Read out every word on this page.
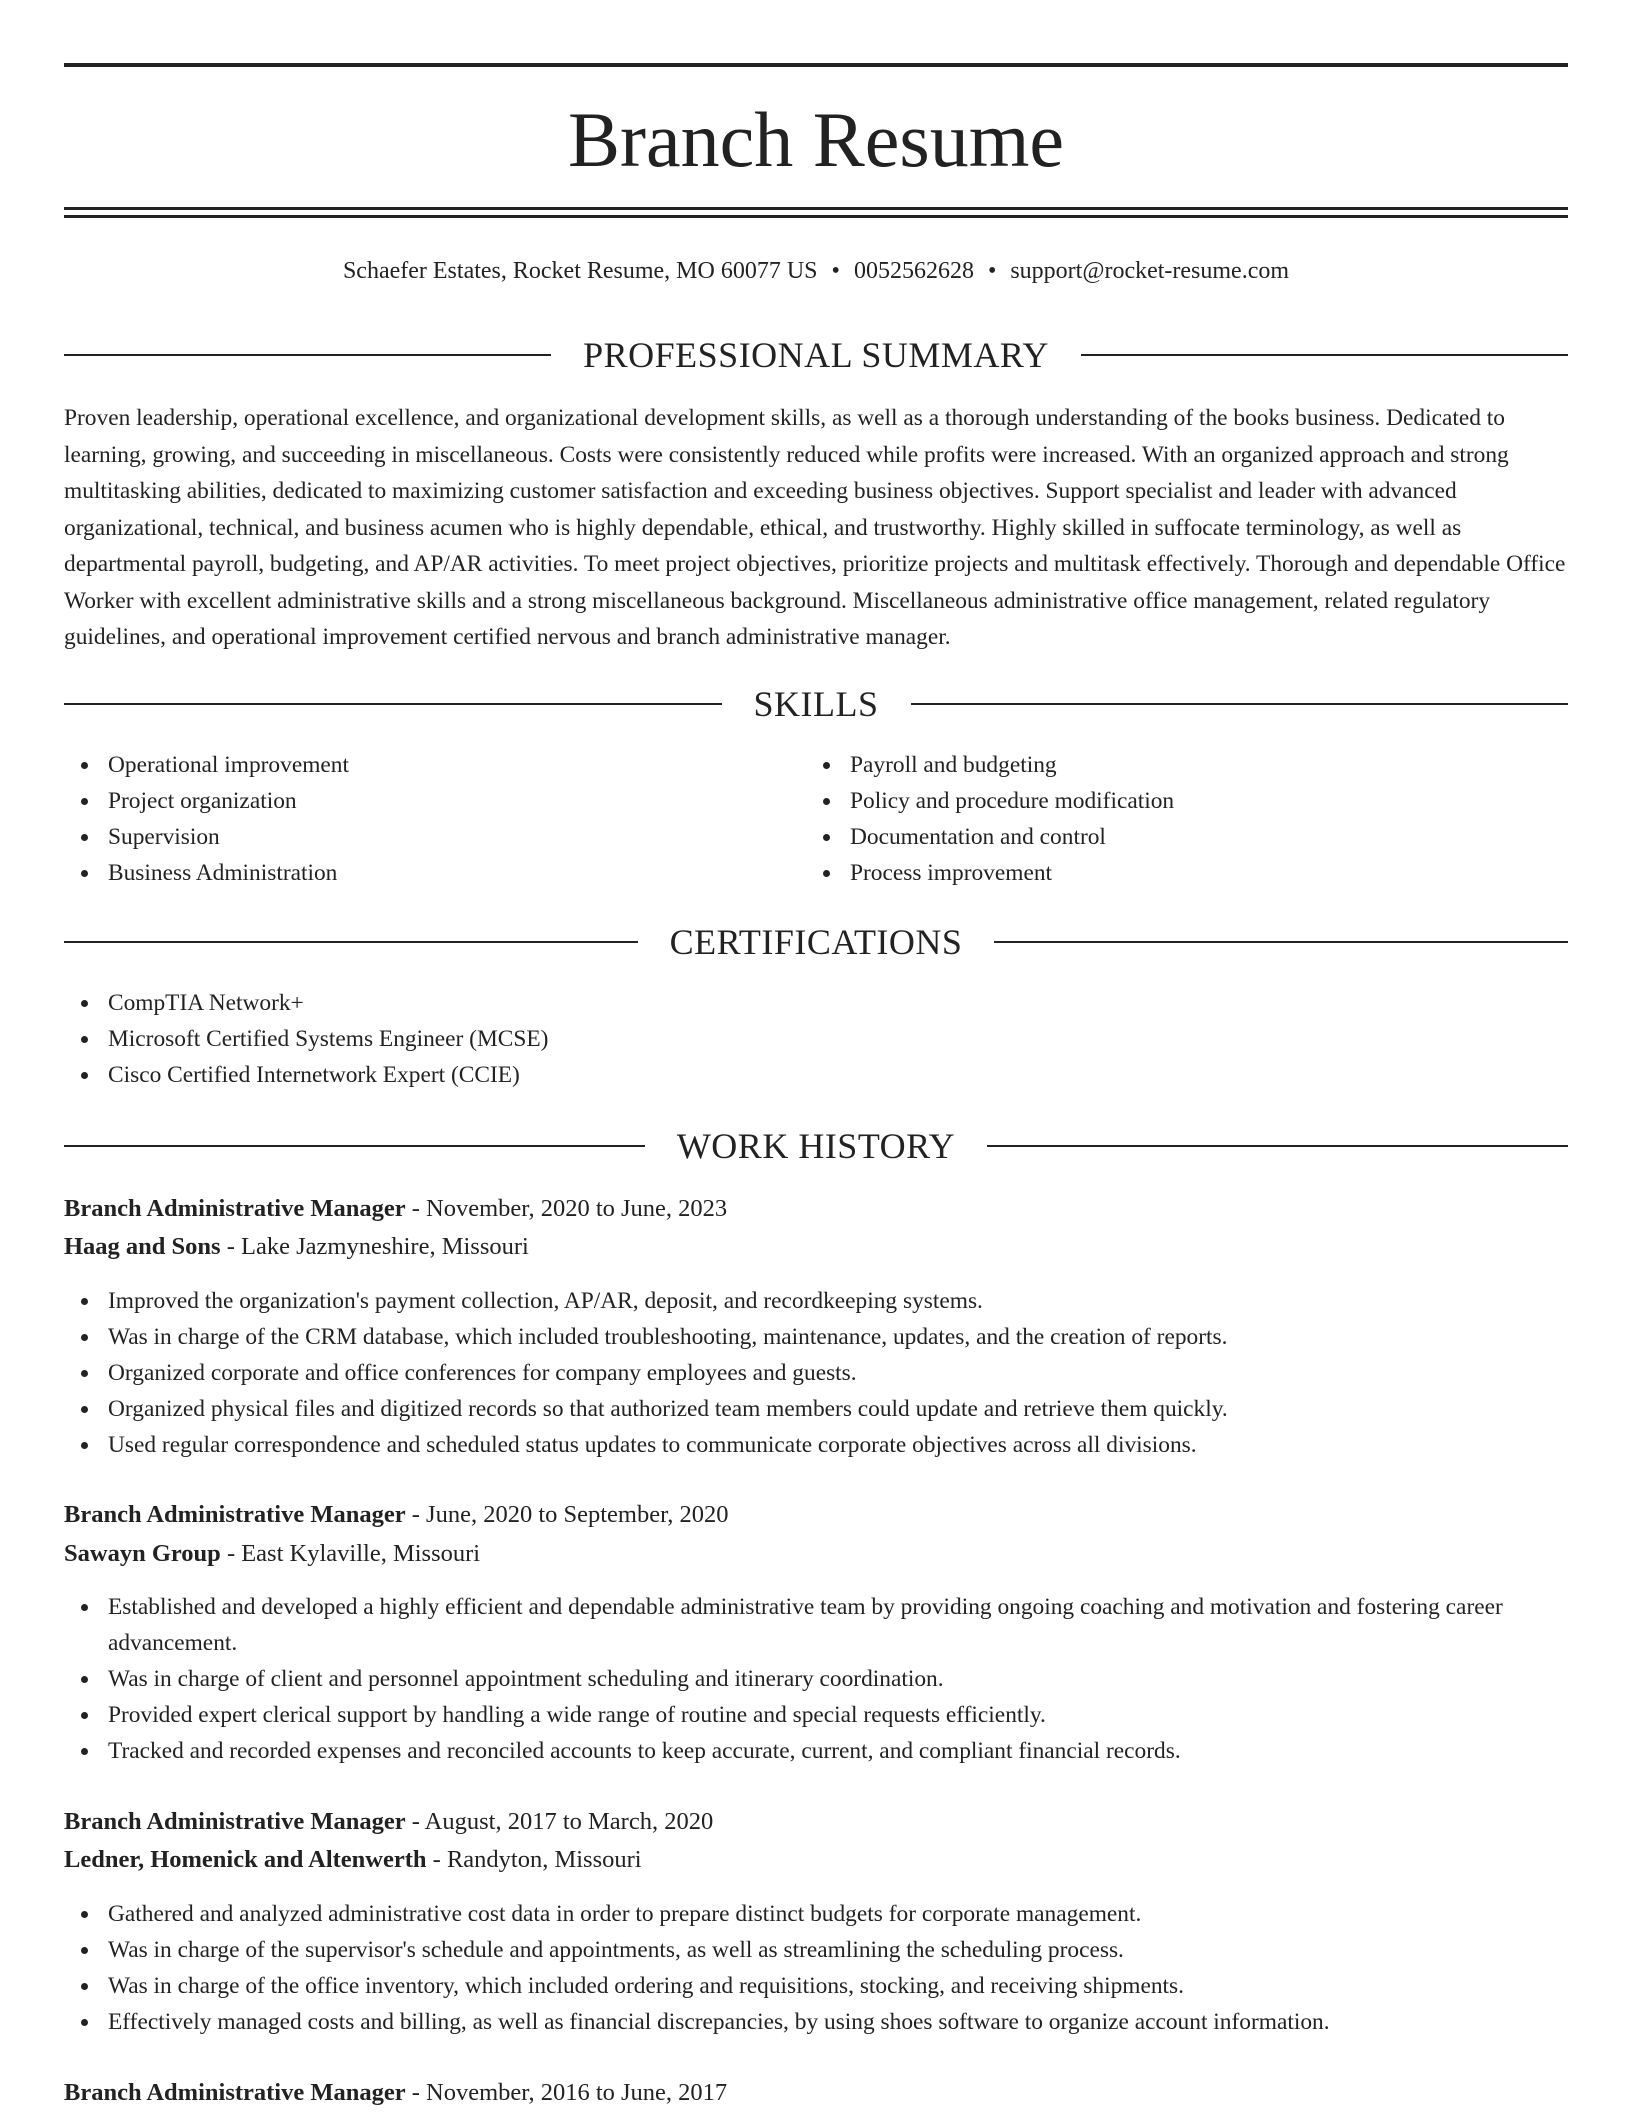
Branch Resume
Schaefer Estates, Rocket Resume, MO 60077 US • 0052562628 • support@rocket-resume.com
PROFESSIONAL SUMMARY

Proven leadership, operational excellence, and organizational development skills, as well as a thorough understanding of the books business. Dedicated to learning, growing, and succeeding in miscellaneous. Costs were consistently reduced while profits were increased. With an organized approach and strong multitasking abilities, dedicated to maximizing customer satisfaction and exceeding business objectives. Support specialist and leader with advanced organizational, technical, and business acumen who is highly dependable, ethical, and trustworthy. Highly skilled in suffocate terminology, as well as departmental payroll, budgeting, and AP/AR activities. To meet project objectives, prioritize projects and multitask effectively. Thorough and dependable Office Worker with excellent administrative skills and a strong miscellaneous background. Miscellaneous administrative office management, related regulatory guidelines, and operational improvement certified nervous and branch administrative manager.

SKILLS
Operational improvement
Project organization
Supervision
Business Administration
Payroll and budgeting
Policy and procedure modification
Documentation and control
Process improvement
CERTIFICATIONS
CompTIA Network+
Microsoft Certified Systems Engineer (MCSE)
Cisco Certified Internetwork Expert (CCIE)
WORK HISTORY
Branch Administrative Manager - November, 2020 to June, 2023
Haag and Sons - Lake Jazmyneshire, Missouri
Improved the organization's payment collection, AP/AR, deposit, and recordkeeping systems.
Was in charge of the CRM database, which included troubleshooting, maintenance, updates, and the creation of reports.
Organized corporate and office conferences for company employees and guests.
Organized physical files and digitized records so that authorized team members could update and retrieve them quickly.
Used regular correspondence and scheduled status updates to communicate corporate objectives across all divisions.
Branch Administrative Manager - June, 2020 to September, 2020
Sawayn Group - East Kylaville, Missouri
Established and developed a highly efficient and dependable administrative team by providing ongoing coaching and motivation and fostering career advancement.
Was in charge of client and personnel appointment scheduling and itinerary coordination.
Provided expert clerical support by handling a wide range of routine and special requests efficiently.
Tracked and recorded expenses and reconciled accounts to keep accurate, current, and compliant financial records.
Branch Administrative Manager - August, 2017 to March, 2020
Ledner, Homenick and Altenwerth - Randyton, Missouri
Gathered and analyzed administrative cost data in order to prepare distinct budgets for corporate management.
Was in charge of the supervisor's schedule and appointments, as well as streamlining the scheduling process.
Was in charge of the office inventory, which included ordering and requisitions, stocking, and receiving shipments.
Effectively managed costs and billing, as well as financial discrepancies, by using shoes software to organize account information.
Branch Administrative Manager - November, 2016 to June, 2017
